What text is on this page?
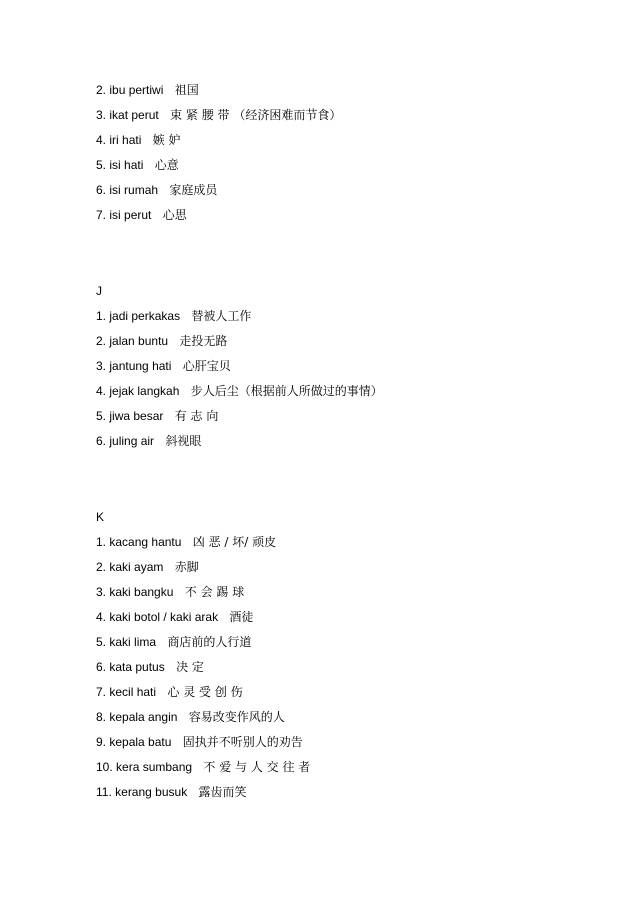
2. ibu pertiwi 祖国
3. ikat perut 束 紧 腰 带 （经济困难而节食）
4. iri hati 嫉 妒
5. isi hati 心意
6. isi rumah 家庭成员
7. isi perut 心思
J
1. jadi perkakas 替被人工作
2. jalan buntu 走投无路
3. jantung hati 心肝宝贝
4. jejak langkah 步人后尘（根据前人所做过的事情）
5. jiwa besar 有 志 向
6. juling air 斜视眼
K
1. kacang hantu 凶 恶 / 坏/ 顽皮
2. kaki ayam 赤脚
3. kaki bangku 不 会 踢 球
4. kaki botol / kaki arak 酒徒
5. kaki lima 商店前的人行道
6. kata putus 决 定
7. kecil hati 心 灵 受 创 伤
8. kepala angin 容易改变作风的人
9. kepala batu 固执并不听别人的劝告
10. kera sumbang 不 爱 与 人 交 往 者
11. kerang busuk 露齿而笑
